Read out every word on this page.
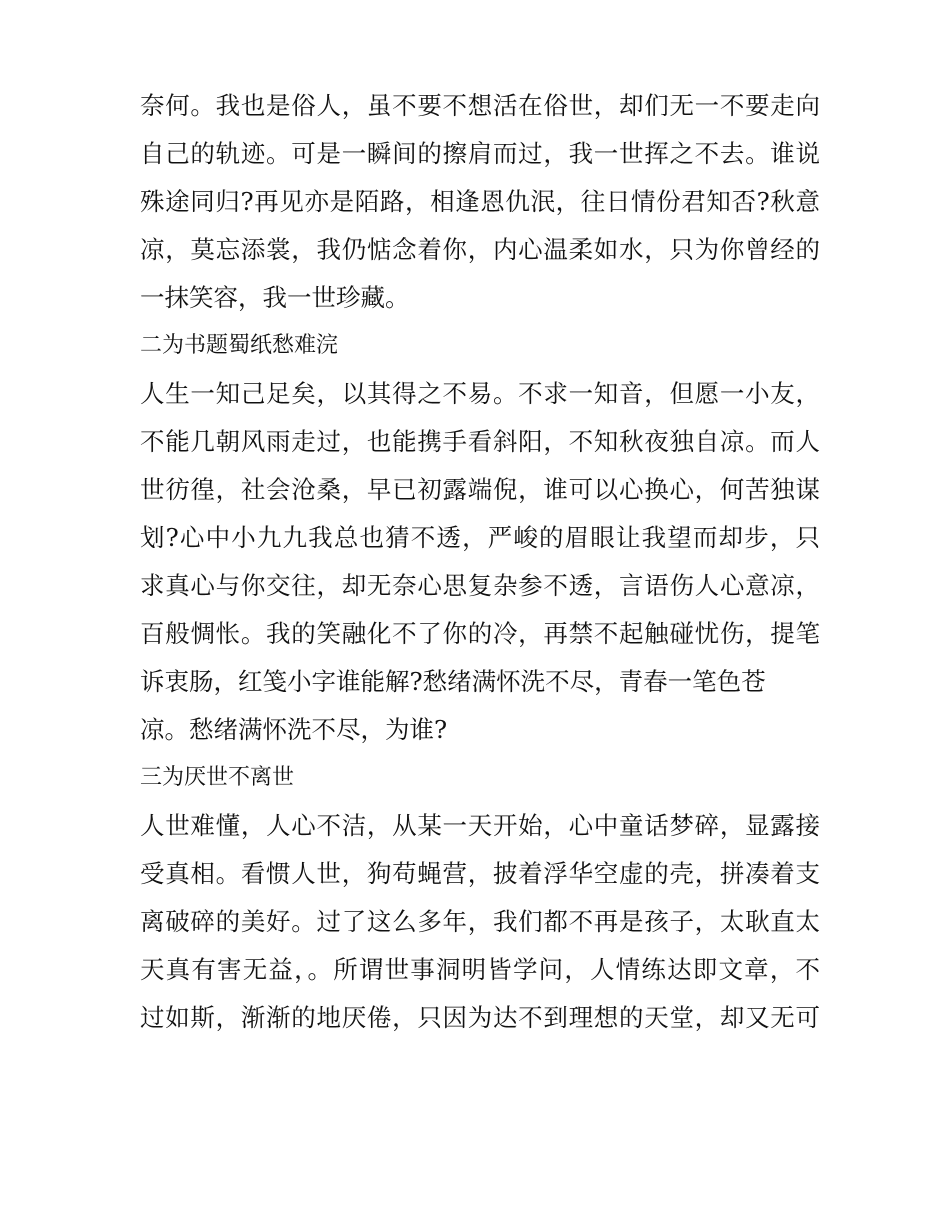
奈何。我也是俗人，虽不要不想活在俗世，却们无一不要走向
自己的轨迹。可是一瞬间的擦肩而过，我一世挥之不去。谁说
殊途同归?再见亦是陌路，相逢恩仇泯，往日情份君知否?秋意
凉，莫忘添裳，我仍惦念着你，内心温柔如水，只为你曾经的
一抹笑容，我一世珍藏。
二为书题蜀纸愁难浣
人生一知己足矣，以其得之不易。不求一知音，但愿一小友，
不能几朝风雨走过，也能携手看斜阳，不知秋夜独自凉。而人
世彷徨，社会沧桑，早已初露端倪，谁可以心换心，何苦独谋
划?心中小九九我总也猜不透，严峻的眉眼让我望而却步，只
求真心与你交往，却无奈心思复杂参不透，言语伤人心意凉，
百般惆怅。我的笑融化不了你的冷，再禁不起触碰忧伤，提笔
诉衷肠，红笺小字谁能解?愁绪满怀洗不尽，青春一笔色苍
凉。愁绪满怀洗不尽，为谁?
三为厌世不离世
人世难懂，人心不洁，从某一天开始，心中童话梦碎，显露接
受真相。看惯人世，狗苟蝇营，披着浮华空虚的壳，拼凑着支
离破碎的美好。过了这么多年，我们都不再是孩子，太耿直太
天真有害无益，。所谓世事洞明皆学问，人情练达即文章，不
过如斯，渐渐的地厌倦，只因为达不到理想的天堂，却又无可
